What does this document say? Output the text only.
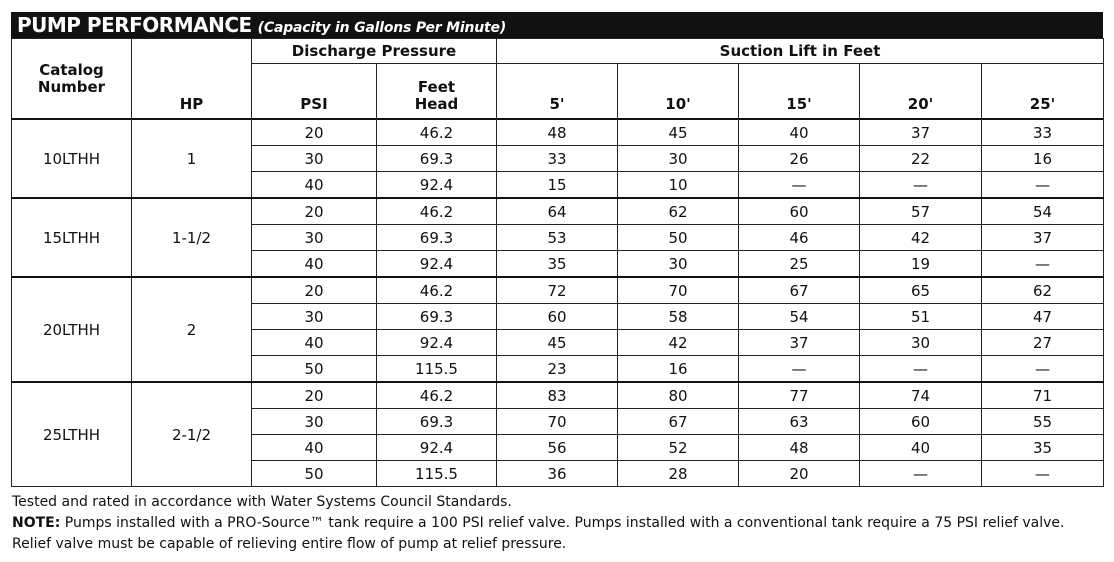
PUMP PERFORMANCE (Capacity in Gallons Per Minute)
Catalog Number	HP	Discharge Pressure		Suction Lift in Feet				
		PSI	Feet Head	5'	10'	15'	20'	25'
10LTHH	1	20	46.2	48	45	40	37	33
		30	69.3	33	30	26	22	16
		40	92.4	15	10	—	—	—
15LTHH	1-1/2	20	46.2	64	62	60	57	54
		30	69.3	53	50	46	42	37
		40	92.4	35	30	25	19	—
20LTHH	2	20	46.2	72	70	67	65	62
		30	69.3	60	58	54	51	47
		40	92.4	45	42	37	30	27
		50	115.5	23	16	—	—	—
25LTHH	2-1/2	20	46.2	83	80	77	74	71
		30	69.3	70	67	63	60	55
		40	92.4	56	52	48	40	35
		50	115.5	36	28	20	—	—
Tested and rated in accordance with Water Systems Council Standards.
NOTE: Pumps installed with a PRO-Source™ tank require a 100 PSI relief valve. Pumps installed with a conventional tank require a 75 PSI relief valve. Relief valve must be capable of relieving entire flow of pump at relief pressure.
